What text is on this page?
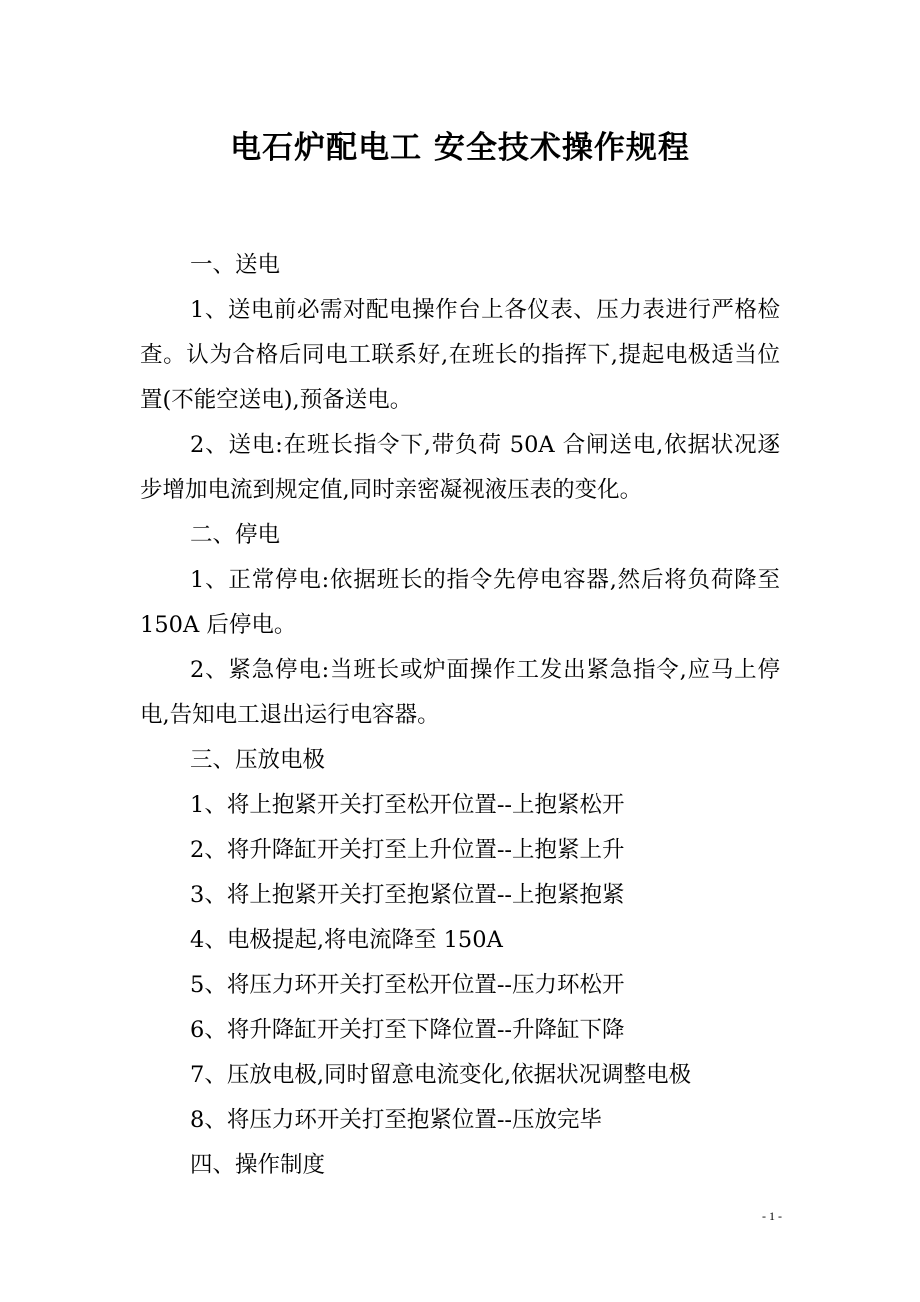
电石炉配电工 安全技术操作规程

一、送电

1、送电前必需对配电操作台上各仪表、压力表进行严格检查。认为合格后同电工联系好,在班长的指挥下,提起电极适当位置(不能空送电),预备送电。

2、送电:在班长指令下,带负荷 50A 合闸送电,依据状况逐步增加电流到规定值,同时亲密凝视液压表的变化。

二、停电

1、正常停电:依据班长的指令先停电容器,然后将负荷降至 150A 后停电。

2、紧急停电:当班长或炉面操作工发出紧急指令,应马上停电,告知电工退出运行电容器。

三、压放电极

1、将上抱紧开关打至松开位置--上抱紧松开

2、将升降缸开关打至上升位置--上抱紧上升

3、将上抱紧开关打至抱紧位置--上抱紧抱紧

4、电极提起,将电流降至 150A

5、将压力环开关打至松开位置--压力环松开

6、将升降缸开关打至下降位置--升降缸下降

7、压放电极,同时留意电流变化,依据状况调整电极

8、将压力环开关打至抱紧位置--压放完毕

四、操作制度

- 1 -
